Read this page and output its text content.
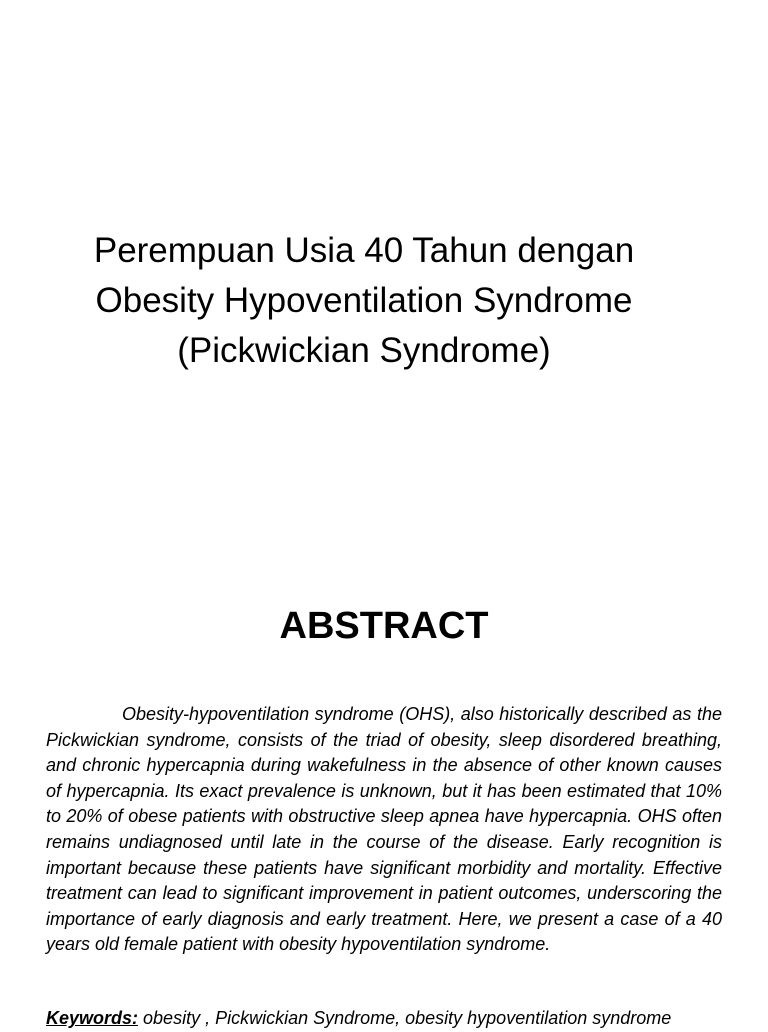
Perempuan Usia 40 Tahun dengan
Obesity Hypoventilation Syndrome
(Pickwickian Syndrome)
ABSTRACT

Obesity-hypoventilation syndrome (OHS), also historically described as the Pickwickian syndrome, consists of the triad of obesity, sleep disordered breathing, and chronic hypercapnia during wakefulness in the absence of other known causes of hypercapnia. Its exact prevalence is unknown, but it has been estimated that 10% to 20% of obese patients with obstructive sleep apnea have hypercapnia. OHS often remains undiagnosed until late in the course of the disease. Early recognition is important because these patients have significant morbidity and mortality. Effective treatment can lead to significant improvement in patient outcomes, underscoring the importance of early diagnosis and early treatment. Here, we present a case of a 40 years old female patient with obesity hypoventilation syndrome.

Keywords: obesity , Pickwickian Syndrome, obesity hypoventilation syndrome
